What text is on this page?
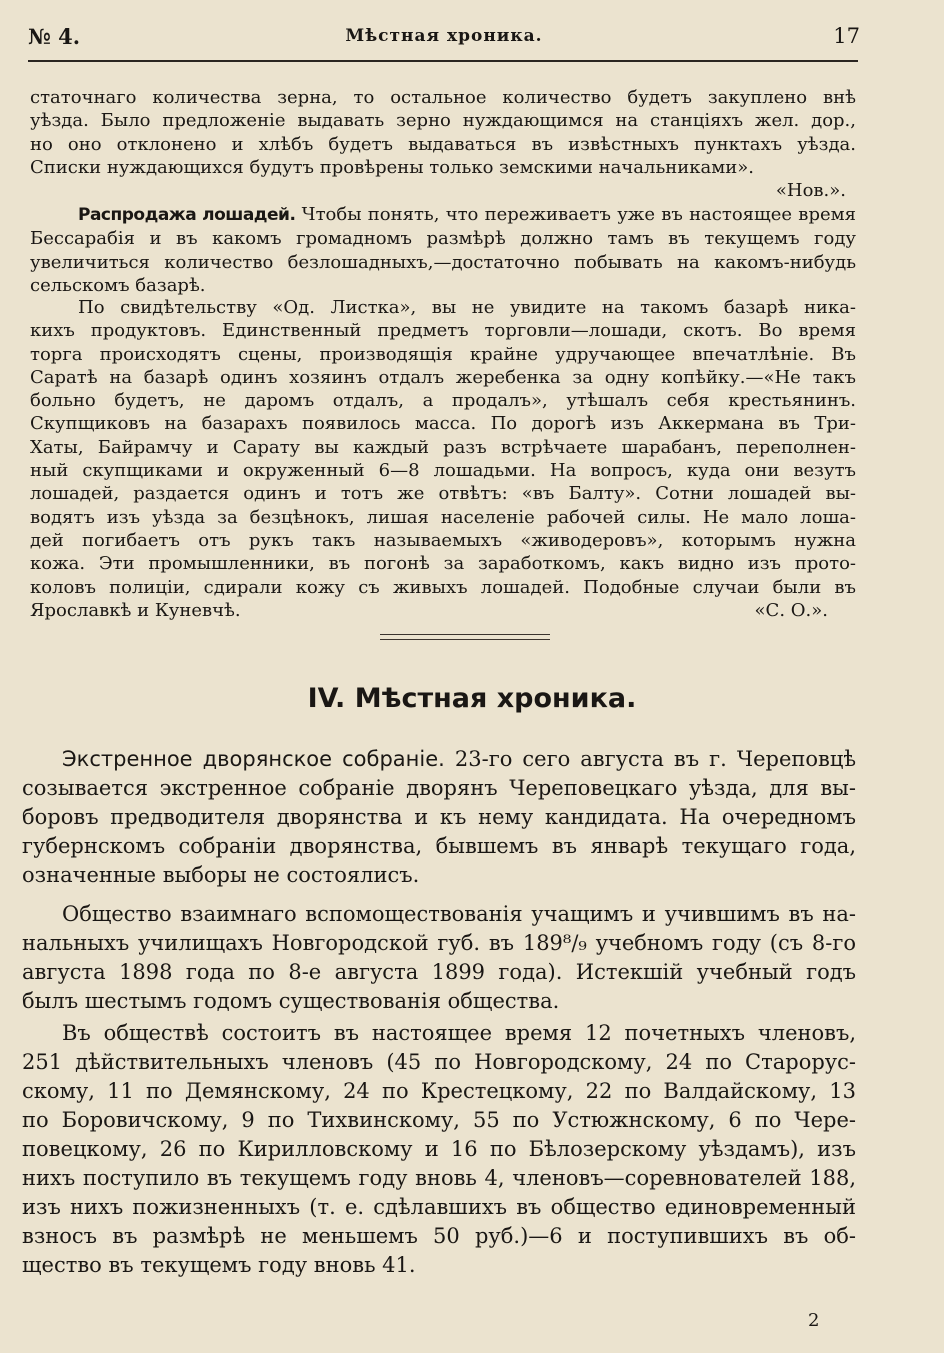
№ 4.	Мѣстная хроника.	17
статочнаго количества зерна, то остальное количество будетъ закуплено внѣ
уѣзда. Было предложеніе выдавать зерно нуждающимся на станціяхъ жел. дор.,
но оно отклонено и хлѣбъ будетъ выдаваться въ извѣстныхъ пунктахъ уѣзда.
Списки нуждающихся будутъ провѣрены только земскими начальниками».
«Нов.».
Распродажа лошадей. Чтобы понять, что переживаетъ уже въ настоящее время
Бессарабія и въ какомъ громадномъ размѣрѣ должно тамъ въ текущемъ году
увеличиться количество безлошадныхъ,—достаточно побывать на какомъ-нибудь
сельскомъ базарѣ.
По свидѣтельству «Од. Листка», вы не увидите на такомъ базарѣ ника-
кихъ продуктовъ. Единственный предметъ торговли—лошади, скотъ. Во время
торга происходятъ сцены, производящія крайне удручающее впечатлѣніе. Въ
Саратѣ на базарѣ одинъ хозяинъ отдалъ жеребенка за одну копѣйку.—«Не такъ
больно будетъ, не даромъ отдалъ, а продалъ», утѣшалъ себя крестьянинъ.
Скупщиковъ на базарахъ появилось масса. По дорогѣ изъ Аккермана въ Три-
Хаты, Байрамчу и Сарату вы каждый разъ встрѣчаете шарабанъ, переполнен-
ный скупщиками и окруженный 6—8 лошадьми. На вопросъ, куда они везутъ
лошадей, раздается одинъ и тотъ же отвѣтъ: «въ Балту». Сотни лошадей вы-
водятъ изъ уѣзда за безцѣнокъ, лишая населеніе рабочей силы. Не мало лоша-
дей погибаетъ отъ рукъ такъ называемыхъ «живодеровъ», которымъ нужна
кожа. Эти промышленники, въ погонѣ за заработкомъ, какъ видно изъ прото-
коловъ полиціи, сдирали кожу съ живыхъ лошадей. Подобные случаи были въ
Ярославкѣ и Куневчѣ.	«С. О.».
IV. Мѣстная хроника.
Экстренное дворянское собраніе. 23-го сего августа въ г. Череповцѣ
созывается экстренное собраніе дворянъ Череповецкаго уѣзда, для вы-
боровъ предводителя дворянства и къ нему кандидата. На очередномъ
губернскомъ собраніи дворянства, бывшемъ въ январѣ текущаго года,
означенные выборы не состоялисъ.
Общество взаимнаго вспомоществованія учащимъ и учившимъ въ на-
нальныхъ училищахъ Новгородской губ. въ 189⁸/₉ учебномъ году (съ 8-го
августа 1898 года по 8-е августа 1899 года). Истекшій учебный годъ
былъ шестымъ годомъ существованія общества.
Въ обществѣ состоитъ въ настоящее время 12 почетныхъ членовъ,
251 дѣйствительныхъ членовъ (45 по Новгородскому, 24 по Старорус-
скому, 11 по Демянскому, 24 по Крестецкому, 22 по Валдайскому, 13
по Боровичскому, 9 по Тихвинскому, 55 по Устюжнскому, 6 по Чере-
повецкому, 26 по Кирилловскому и 16 по Бѣлозерскому уѣздамъ), изъ
нихъ поступило въ текущемъ году вновь 4, членовъ—соревнователей 188,
изъ нихъ пожизненныхъ (т. е. сдѣлавшихъ въ общество единовременный
взносъ въ размѣрѣ не меньшемъ 50 руб.)—6 и поступившихъ въ об-
щество въ текущемъ году вновь 41.
2
